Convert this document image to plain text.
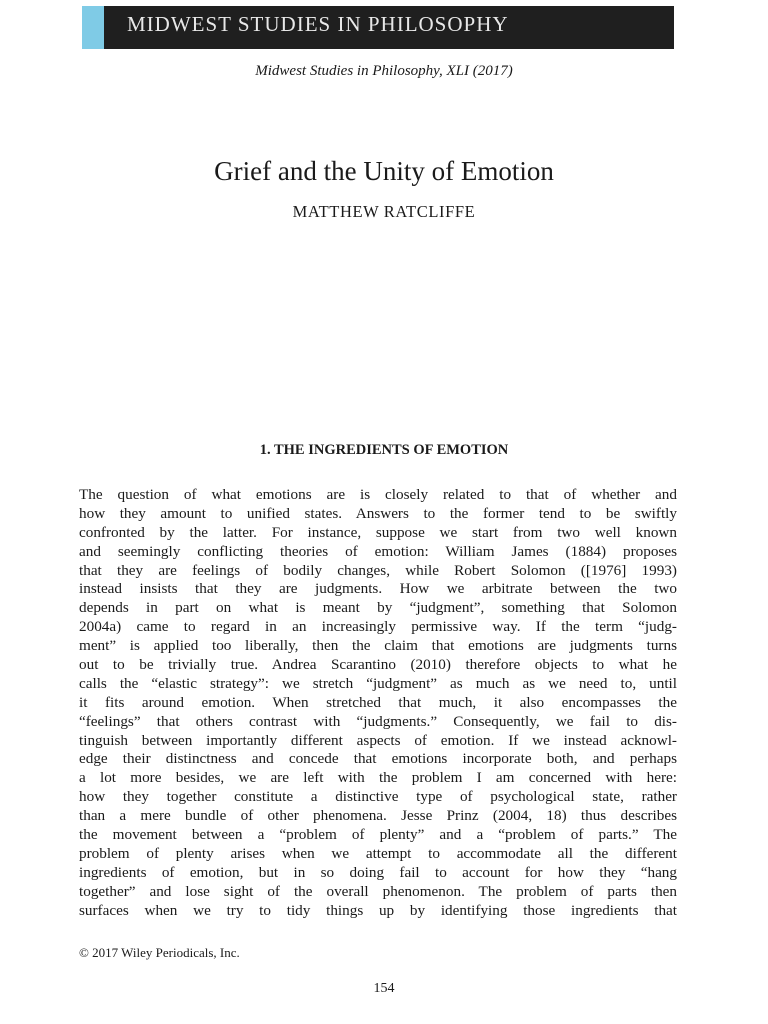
MIDWEST STUDIES IN PHILOSOPHY
Midwest Studies in Philosophy, XLI (2017)
Grief and the Unity of Emotion
MATTHEW RATCLIFFE
1. THE INGREDIENTS OF EMOTION
The question of what emotions are is closely related to that of whether and
how they amount to unified states. Answers to the former tend to be swiftly
confronted by the latter. For instance, suppose we start from two well known
and seemingly conflicting theories of emotion: William James (1884) proposes
that they are feelings of bodily changes, while Robert Solomon ([1976] 1993)
instead insists that they are judgments. How we arbitrate between the two
depends in part on what is meant by “judgment”, something that Solomon
2004a) came to regard in an increasingly permissive way. If the term “judg-
ment” is applied too liberally, then the claim that emotions are judgments turns
out to be trivially true. Andrea Scarantino (2010) therefore objects to what he
calls the “elastic strategy”: we stretch “judgment” as much as we need to, until
it fits around emotion. When stretched that much, it also encompasses the
“feelings” that others contrast with “judgments.” Consequently, we fail to dis-
tinguish between importantly different aspects of emotion. If we instead acknowl-
edge their distinctness and concede that emotions incorporate both, and perhaps
a lot more besides, we are left with the problem I am concerned with here:
how they together constitute a distinctive type of psychological state, rather
than a mere bundle of other phenomena. Jesse Prinz (2004, 18) thus describes
the movement between a “problem of plenty” and a “problem of parts.” The
problem of plenty arises when we attempt to accommodate all the different
ingredients of emotion, but in so doing fail to account for how they “hang
together” and lose sight of the overall phenomenon. The problem of parts then
surfaces when we try to tidy things up by identifying those ingredients that
© 2017 Wiley Periodicals, Inc.
154
